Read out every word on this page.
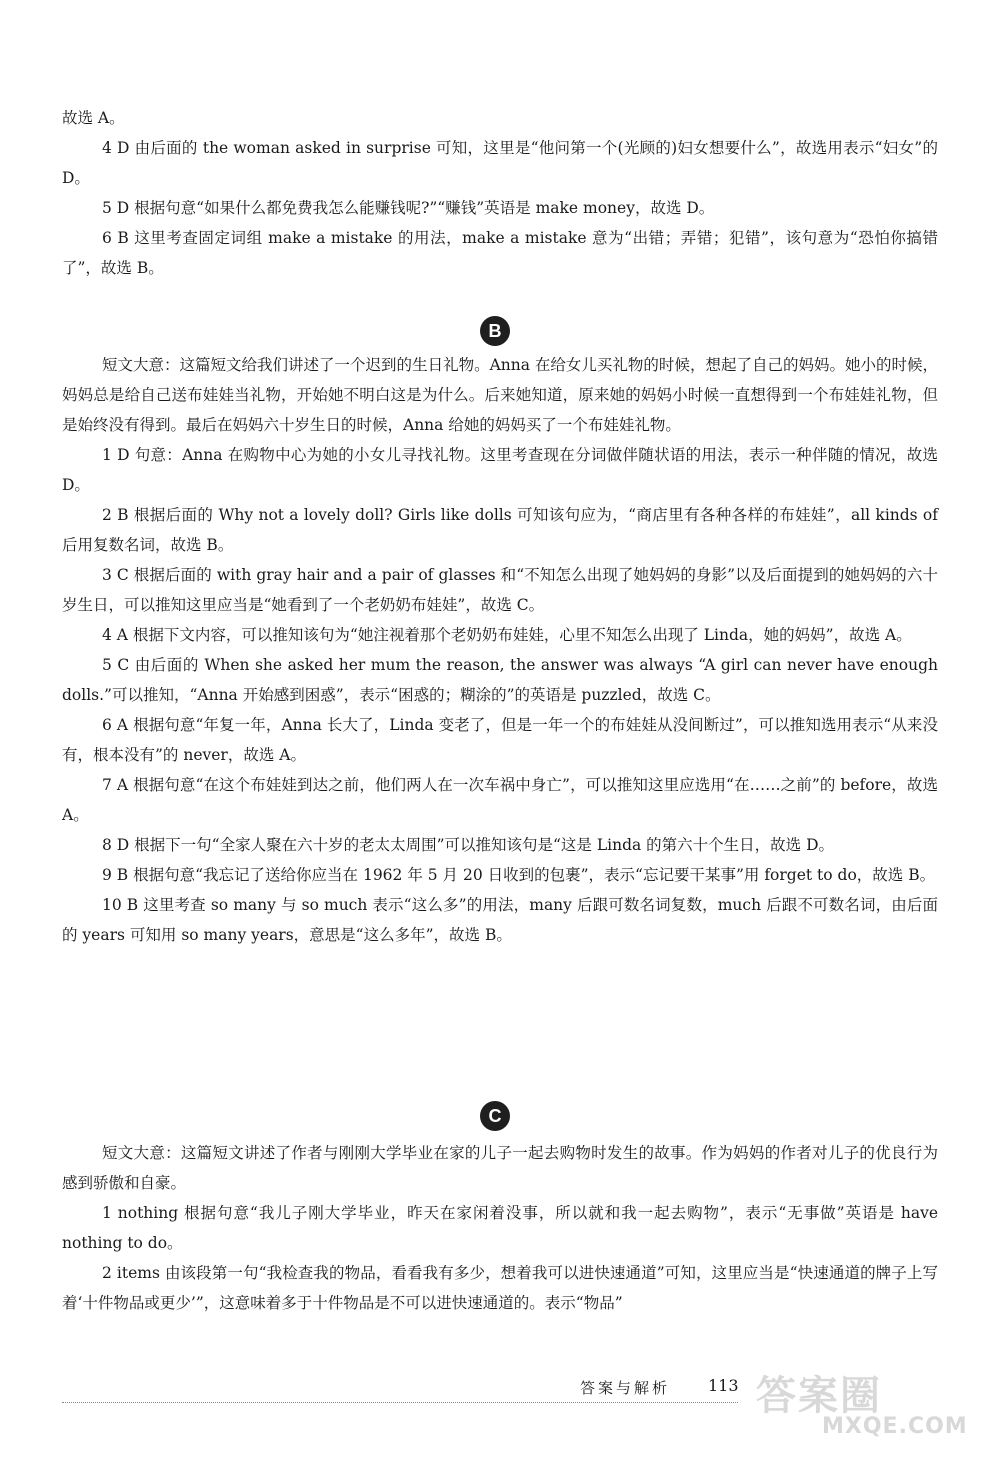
故选 A。

4 D 由后面的 the woman asked in surprise 可知，这里是“他问第一个(光顾的)妇女想要什么”，故选用表示“妇女”的 D。

5 D 根据句意“如果什么都免费我怎么能赚钱呢?”“赚钱”英语是 make money，故选 D。

6 B 这里考查固定词组 make a mistake 的用法，make a mistake 意为“出错；弄错；犯错”，该句意为“恐怕你搞错了”，故选 B。

B

短文大意：这篇短文给我们讲述了一个迟到的生日礼物。Anna 在给女儿买礼物的时候，想起了自己的妈妈。她小的时候，妈妈总是给自己送布娃娃当礼物，开始她不明白这是为什么。后来她知道，原来她的妈妈小时候一直想得到一个布娃娃礼物，但是始终没有得到。最后在妈妈六十岁生日的时候，Anna 给她的妈妈买了一个布娃娃礼物。

1 D 句意：Anna 在购物中心为她的小女儿寻找礼物。这里考查现在分词做伴随状语的用法，表示一种伴随的情况，故选 D。

2 B 根据后面的 Why not a lovely doll? Girls like dolls 可知该句应为，“商店里有各种各样的布娃娃”，all kinds of 后用复数名词，故选 B。

3 C 根据后面的 with gray hair and a pair of glasses 和“不知怎么出现了她妈妈的身影”以及后面提到的她妈妈的六十岁生日，可以推知这里应当是“她看到了一个老奶奶布娃娃”，故选 C。

4 A 根据下文内容，可以推知该句为“她注视着那个老奶奶布娃娃，心里不知怎么出现了 Linda，她的妈妈”，故选 A。

5 C 由后面的 When she asked her mum the reason, the answer was always “A girl can never have enough dolls.”可以推知，“Anna 开始感到困惑”，表示“困惑的；糊涂的”的英语是 puzzled，故选 C。

6 A 根据句意“年复一年，Anna 长大了，Linda 变老了，但是一年一个的布娃娃从没间断过”，可以推知选用表示“从来没有，根本没有”的 never，故选 A。

7 A 根据句意“在这个布娃娃到达之前，他们两人在一次车祸中身亡”，可以推知这里应选用“在……之前”的 before，故选 A。

8 D 根据下一句“全家人聚在六十岁的老太太周围”可以推知该句是“这是 Linda 的第六十个生日，故选 D。

9 B 根据句意“我忘记了送给你应当在 1962 年 5 月 20 日收到的包裹”，表示“忘记要干某事”用 forget to do，故选 B。

10 B 这里考查 so many 与 so much 表示“这么多”的用法，many 后跟可数名词复数，much 后跟不可数名词，由后面的 years 可知用 so many years，意思是“这么多年”，故选 B。

C

短文大意：这篇短文讲述了作者与刚刚大学毕业在家的儿子一起去购物时发生的故事。作为妈妈的作者对儿子的优良行为感到骄傲和自豪。

1 nothing 根据句意“我儿子刚大学毕业，昨天在家闲着没事，所以就和我一起去购物”，表示“无事做”英语是 have nothing to do。

2 items 由该段第一句“我检查我的物品，看看我有多少，想着我可以进快速通道”可知，这里应当是“快速通道的牌子上写着‘十件物品或更少’”，这意味着多于十件物品是不可以进快速通道的。表示“物品”

答案与解析 113 答案圈
MXQE.COM
